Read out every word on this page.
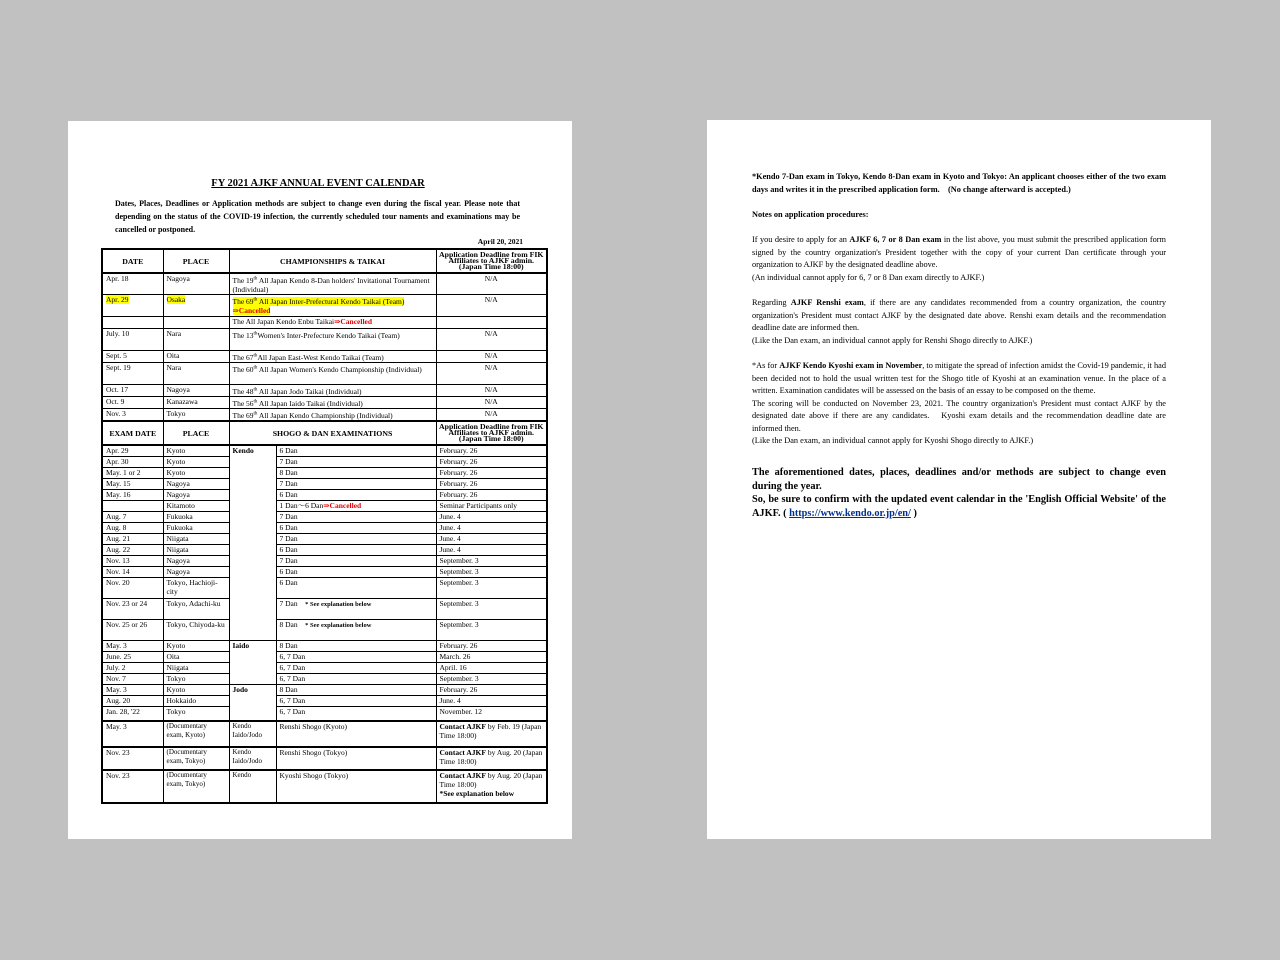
FY 2021 AJKF ANNUAL EVENT CALENDAR

Dates, Places, Deadlines or Application methods are subject to change even during the fiscal year. Please note that depending on the status of the COVID-19 infection, the currently scheduled tour naments and examinations may be cancelled or postponed.

April 20, 2021
DATE	PLACE	CHAMPIONSHIPS & TAIKAI		Application Deadline from FIK Affiliates to AJKF admin. (Japan Time 18:00)
Apr. 18	Nagoya	The 19th All Japan Kendo 8-Dan holders' Invitational Tournament (Individual)		N/A
Apr. 29	Osaka	The 69th All Japan Inter-Prefectural Kendo Taikai (Team) ⇒Cancelled		N/A
		The All Japan Kendo Enbu Taikai⇒Cancelled		
July. 10	Nara	The 13thWomen's Inter-Prefecture Kendo Taikai (Team)		N/A
Sept. 5	Oita	The 67thAll Japan East-West Kendo Taikai (Team)		N/A
Sept. 19	Nara	The 60th All Japan Women's Kendo Championship (Individual)		N/A
Oct. 17	Nagoya	The 48th All Japan Jodo Taikai (Individual)		N/A
Oct. 9	Kanazawa	The 56th All Japan Iaido Taikai (Individual)		N/A
Nov. 3	Tokyo	The 69th All Japan Kendo Championship (Individual)		N/A
EXAM DATE	PLACE	SHOGO & DAN EXAMINATIONS		Application Deadline from FIK Affiliates to AJKF admin. (Japan Time 18:00)
Apr. 29	Kyoto	Kendo	6 Dan	February. 26
Apr. 30	Kyoto		7 Dan	February. 26
May. 1 or 2	Kyoto		8 Dan	February. 26
May. 15	Nagoya		7 Dan	February. 26
May. 16	Nagoya		6 Dan	February. 26
	Kitamoto		1 Dan～6 Dan⇒Cancelled	Seminar Participants only
Aug. 7	Fukuoka		7 Dan	June. 4
Aug. 8	Fukuoka		6 Dan	June. 4
Aug. 21	Niigata		7 Dan	June. 4
Aug. 22	Niigata		6 Dan	June. 4
Nov. 13	Nagoya		7 Dan	September. 3
Nov. 14	Nagoya		6 Dan	September. 3
Nov. 20	Tokyo, Hachioji-city		6 Dan	September. 3
Nov. 23 or 24	Tokyo, Adachi-ku		7 Dan　* See explanation below	September. 3
Nov. 25 or 26	Tokyo, Chiyoda-ku		8 Dan　* See explanation below	September. 3
May. 3	Kyoto	Iaido	8 Dan	February. 26
June. 25	Oita		6, 7 Dan	March. 26
July. 2	Niigata		6, 7 Dan	April. 16
Nov. 7	Tokyo		6, 7 Dan	September. 3
May. 3	Kyoto	Jodo	8 Dan	February. 26
Aug. 20	Hokkaido		6, 7 Dan	June. 4
Jan. 28, '22	Tokyo		6, 7 Dan	November. 12
May. 3	(Documentary exam, Kyoto)	Kendo Iaido/Jodo	Renshi Shogo (Kyoto)	Contact AJKF by Feb. 19 (Japan Time 18:00)
Nov. 23	(Documentary exam, Tokyo)	Kendo Iaido/Jodo	Renshi Shogo (Tokyo)	Contact AJKF by Aug. 20 (Japan Time 18:00)
Nov. 23	(Documentary exam, Tokyo)	Kendo	Kyoshi Shogo (Tokyo)	Contact AJKF by Aug. 20 (Japan Time 18:00)
*See explanation below

*Kendo 7-Dan exam in Tokyo, Kendo 8-Dan exam in Kyoto and Tokyo: An applicant chooses either of the two exam days and writes it in the prescribed application form.　(No change afterward is accepted.)

Notes on application procedures:

If you desire to apply for an AJKF 6, 7 or 8 Dan exam in the list above, you must submit the prescribed application form signed by the country organization's President together with the copy of your current Dan certificate through your organization to AJKF by the designated deadline above.

(An individual cannot apply for 6, 7 or 8 Dan exam directly to AJKF.)

Regarding AJKF Renshi exam, if there are any candidates recommended from a country organization, the country organization's President must contact AJKF by the designated date above. Renshi exam details and the recommendation deadline date are informed then.

(Like the Dan exam, an individual cannot apply for Renshi Shogo directly to AJKF.)

*As for AJKF Kendo Kyoshi exam in November, to mitigate the spread of infection amidst the Covid-19 pandemic, it had been decided not to hold the usual written test for the Shogo title of Kyoshi at an examination venue. In the place of a written. Examination candidates will be assessed on the basis of an essay to be composed on the theme.

The scoring will be conducted on November 23, 2021. The country organization's President must contact AJKF by the designated date above if there are any candidates.　Kyoshi exam details and the recommendation deadline date are informed then.

(Like the Dan exam, an individual cannot apply for Kyoshi Shogo directly to AJKF.)

The aforementioned dates, places, deadlines and/or methods are subject to change even during the year.

So, be sure to confirm with the updated event calendar in the 'English Official Website' of the AJKF. ( https://www.kendo.or.jp/en/ )
